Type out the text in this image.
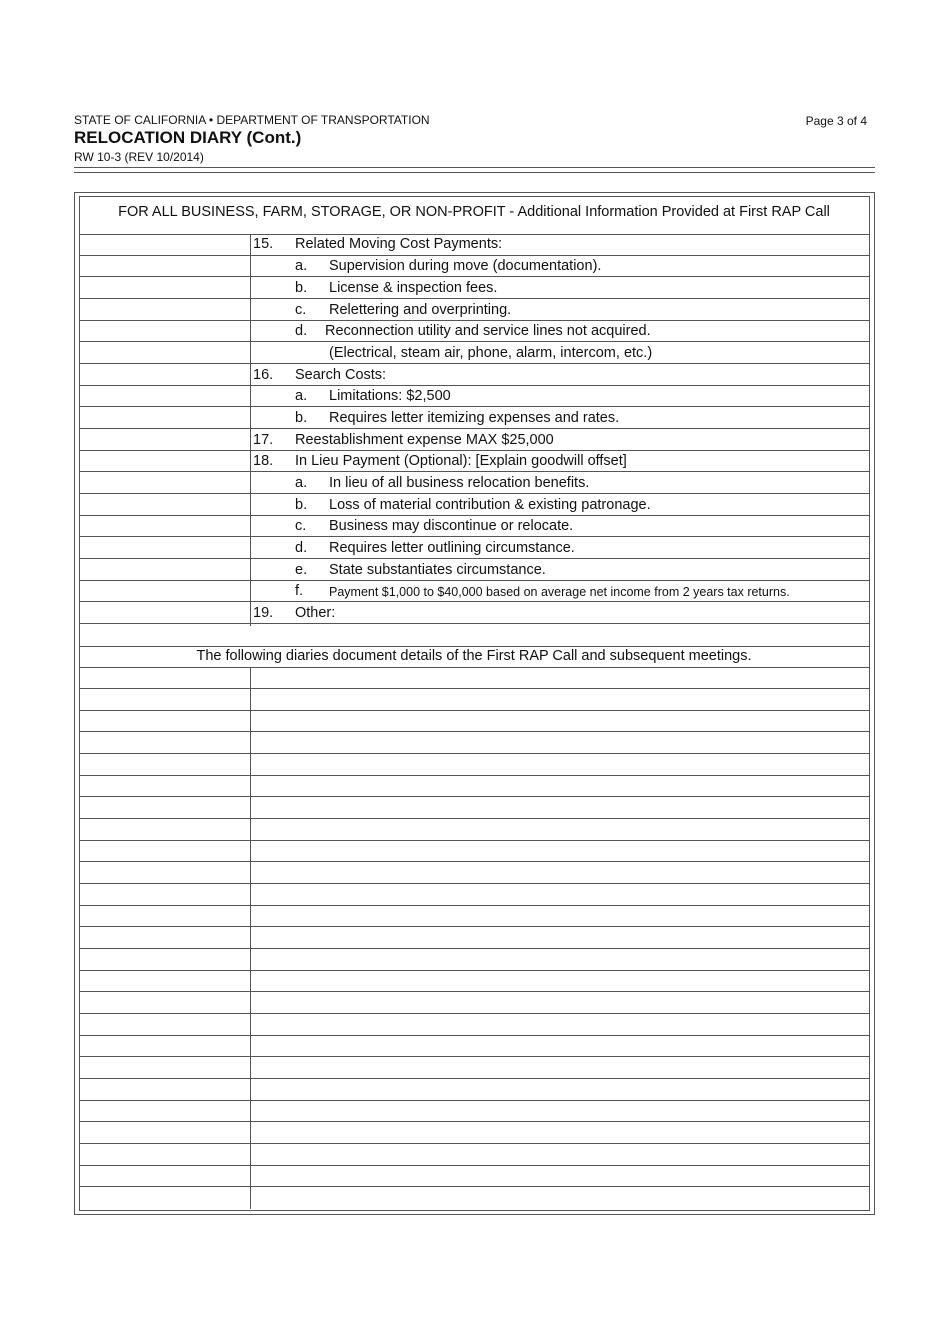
STATE OF CALIFORNIA • DEPARTMENT OF TRANSPORTATION
RELOCATION DIARY (Cont.)
RW 10-3 (REV 10/2014)
Page 3 of 4
FOR ALL BUSINESS, FARM, STORAGE, OR NON-PROFIT - Additional Information Provided at First RAP Call
15. Related Moving Cost Payments:
a. Supervision during move (documentation).
b. License & inspection fees.
c. Relettering and overprinting.
d. Reconnection utility and service lines not acquired.
(Electrical, steam air, phone, alarm, intercom, etc.)
16. Search Costs:
a. Limitations: $2,500
b. Requires letter itemizing expenses and rates.
17. Reestablishment expense MAX $25,000
18. In Lieu Payment (Optional): [Explain goodwill offset]
a. In lieu of all business relocation benefits.
b. Loss of material contribution & existing patronage.
c. Business may discontinue or relocate.
d. Requires letter outlining circumstance.
e. State substantiates circumstance.
f. Payment $1,000 to $40,000 based on average net income from 2 years tax returns.
19. Other:
The following diaries document details of the First RAP Call and subsequent meetings.
